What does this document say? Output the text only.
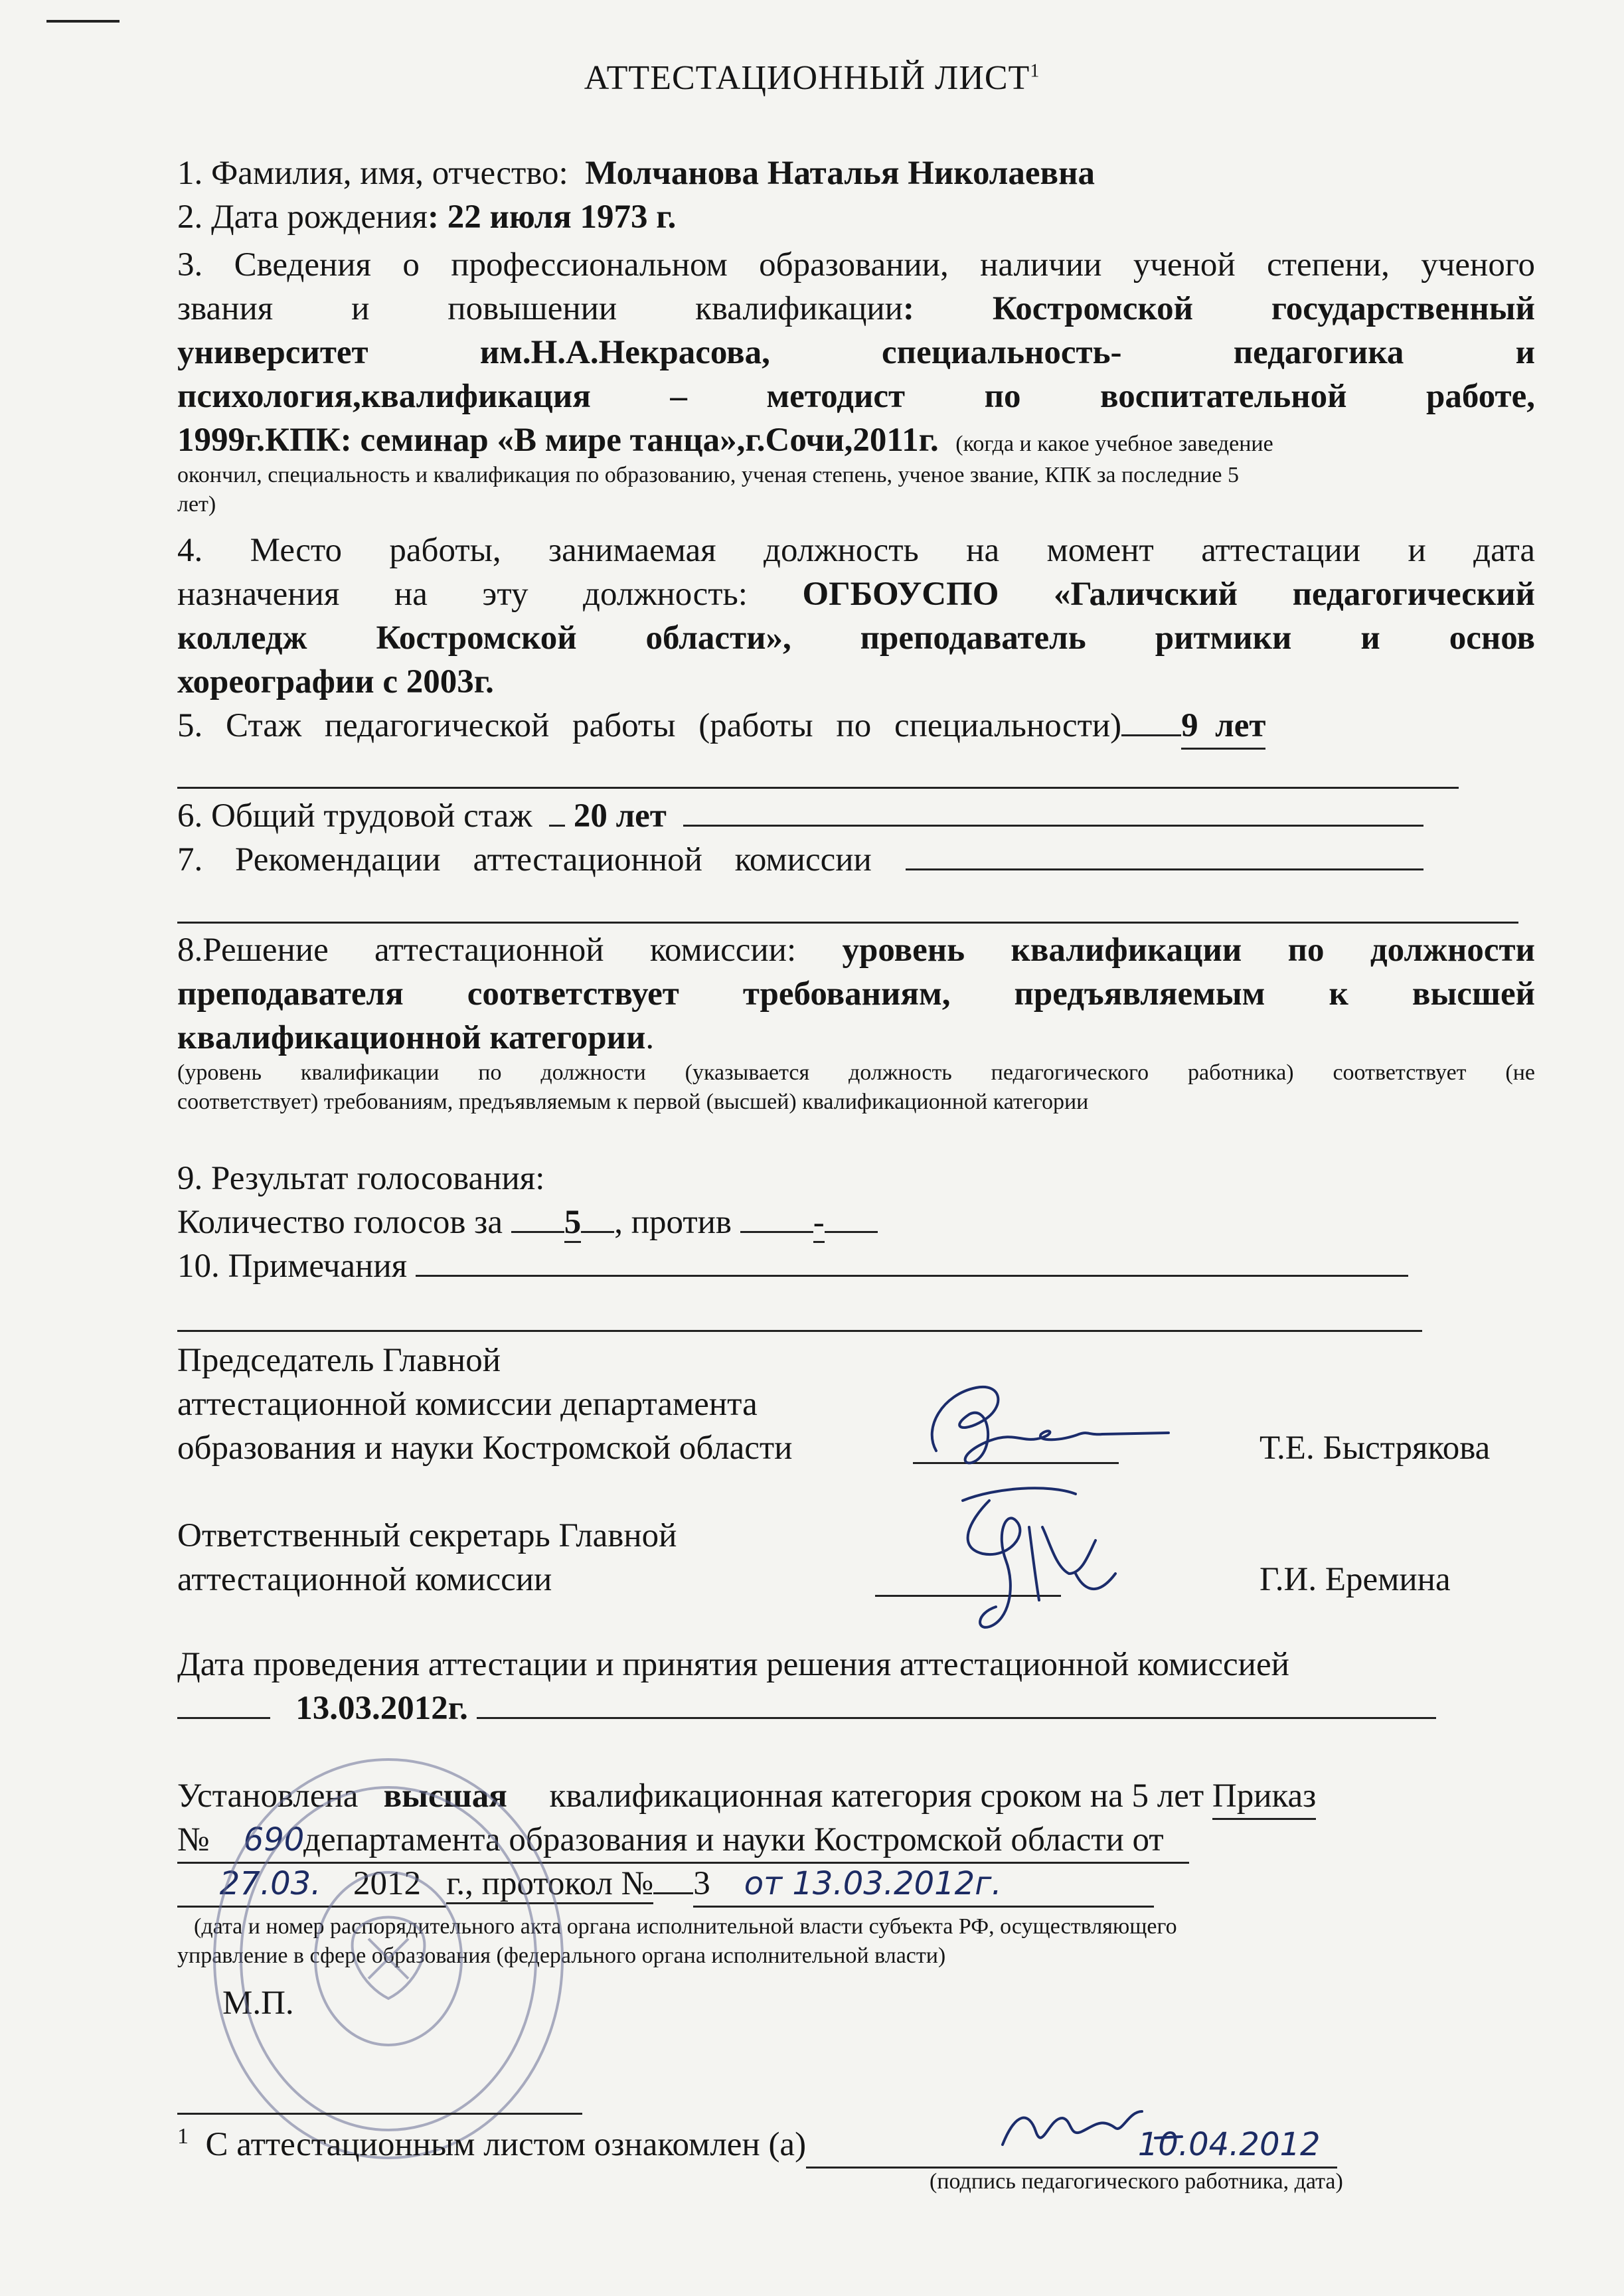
АТТЕСТАЦИОННЫЙ ЛИСТ$^1$
1. Фамилия, имя, отчество: Молчанова Наталья Николаевна
2. Дата рождения: 22 июля 1973 г.
3. Сведения о профессиональном образовании, наличии ученой степени, ученого
звания и повышении квалификации: Костромской государственный
университет им.Н.А.Некрасова, специальность- педагогика и
психология,квалификация – методист по воспитательной работе,
1999г.КПК: семинар «В мире танца»,г.Сочи,2011г. (когда и какое учебное заведение
окончил, специальность и квалификация по образованию, ученая степень, ученое звание, КПК за последние 5
лет)
4. Место работы, занимаемая должность на момент аттестации и дата
назначения на эту должность: ОГБОУСПО «Галичский педагогический
колледж Костромской области», преподаватель ритмики и основ
хореографии с 2003г.
5. Стаж педагогической работы (работы по специальности) 9 лет
6. Общий трудовой стаж 20 лет
7. Рекомендации аттестационной комиссии
8.Решение аттестационной комиссии: уровень квалификации по должности
преподавателя соответствует требованиям, предъявляемым к высшей
квалификационной категории.
(уровень квалификации по должности (указывается должность педагогического работника) соответствует (не
соответствует) требованиям, предъявляемым к первой (высшей) квалификационной категории
9. Результат голосования:
Количество голосов за 5 , против -
10. Примечания
Председатель Главной
аттестационной комиссии департамента
образования и науки Костромской области	Т.Е. Быстрякова
Ответственный секретарь Главной
аттестационной комиссии	Г.И. Еремина
Дата проведения аттестации и принятия решения аттестационной комиссией
13.03.2012г.
Установлена высшая квалификационная категория сроком на 5 лет Приказ
№ 690департамента образования и науки Костромской области от
27.03. 2012 г., протокол № 3 от 13.03.2012г.
(дата и номер распорядительного акта органа исполнительной власти субъекта РФ, осуществляющего
управление в сфере образования (федерального органа исполнительной власти)
М.П.
$^1$ С аттестационным листом ознакомлен (а)	10.04.2012
(подпись педагогического работника, дата)
